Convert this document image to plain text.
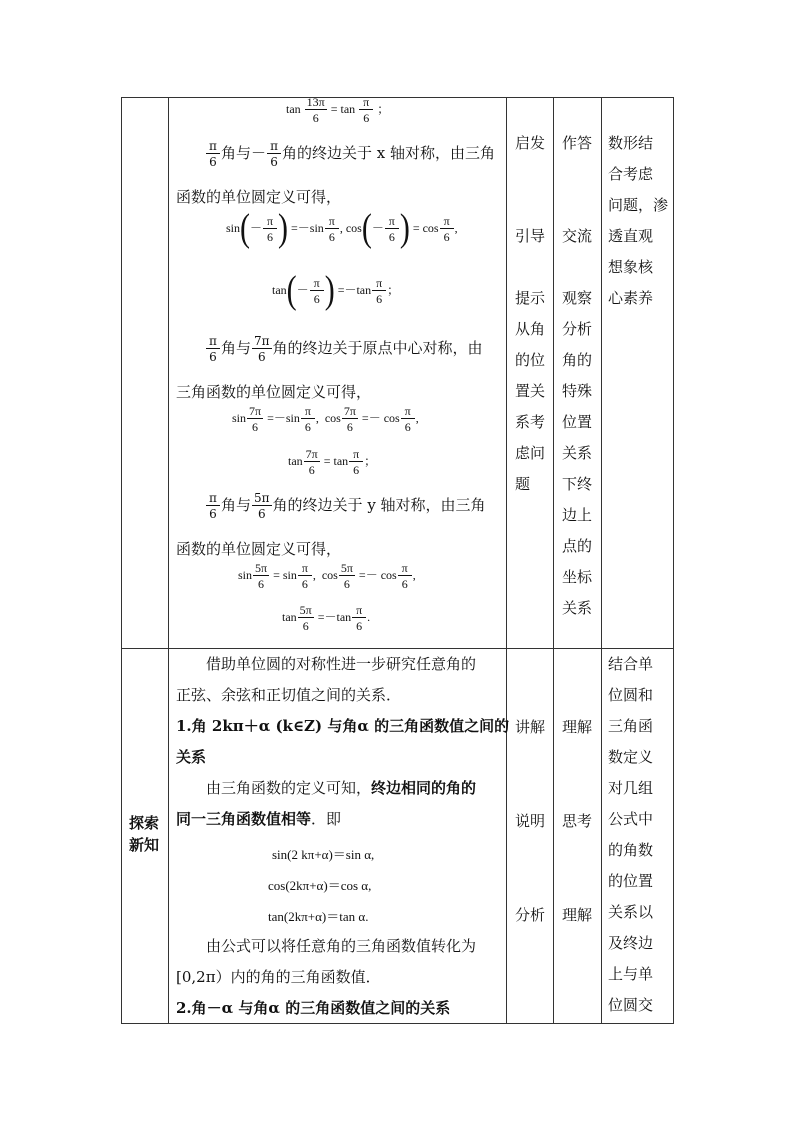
$\tan \frac{13\pi}{6} = \tan \frac{\pi}{6}$ ；
$\frac{\pi}{6}$ 角与－ $\frac{\pi}{6}$ 角的终边关于 x 轴对称，由三角
函数的单位圆定义可得，
$\sin(- \frac{\pi}{6}$ ) $=-\sin \frac{\pi}{6}$ , $\cos(- \frac{\pi}{6}$ ) = $\cos \frac{\pi}{6}$ ,
$\tan(- \frac{\pi}{6}$ ) $=-\tan \frac{\pi}{6}$ ；
$\frac{\pi}{6}$ 角与 $\frac{7\pi}{6}$ 角的终边关于原点中心对称，由
三角函数的单位圆定义可得，
$\sin \frac{7\pi}{6} =-\sin \frac{\pi}{6}$ , $\cos \frac{7\pi}{6} =- \cos \frac{\pi}{6}$ ,
$\tan \frac{7\pi}{6} = \tan \frac{\pi}{6}$ ；
$\frac{\pi}{6}$ 角与 $\frac{5\pi}{6}$ 角的终边关于 y 轴对称，由三角
函数的单位圆定义可得，
$\sin \frac{5\pi}{6} = \sin \frac{\pi}{6}$ , $\cos \frac{5\pi}{6} =- \cos \frac{\pi}{6}$ ,
$\tan \frac{5\pi}{6} =-\tan \frac{\pi}{6}$ .
启发
引导
提示
从角
的位
置关
系考
虑问
题
作答
交流
观察
分析
角的
特殊
位置
关系
下终
边上
点的
坐标
关系
数形结
合考虑
问题，渗
透直观
想象核
心素养
探索
新知
借助单位圆的对称性进一步研究任意角的
正弦、余弦和正切值之间的关系．
1.角 2kπ＋α (k∈Z) 与角α 的三角函数值之间的
关系
由三角函数的定义可知，终边相同的角的
同一三角函数值相等．即
sin(2 kπ+α)＝sin α,
cos(2kπ+α)＝cos α,
tan(2kπ+α)＝tan α.
由公式可以将任意角的三角函数值转化为
[0,2π）内的角的三角函数值．
2.角－α 与角α 的三角函数值之间的关系
讲解
说明
分析
理解
思考
理解
结合单
位圆和
三角函
数定义
对几组
公式中
的角数
的位置
关系以
及终边
上与单
位圆交
